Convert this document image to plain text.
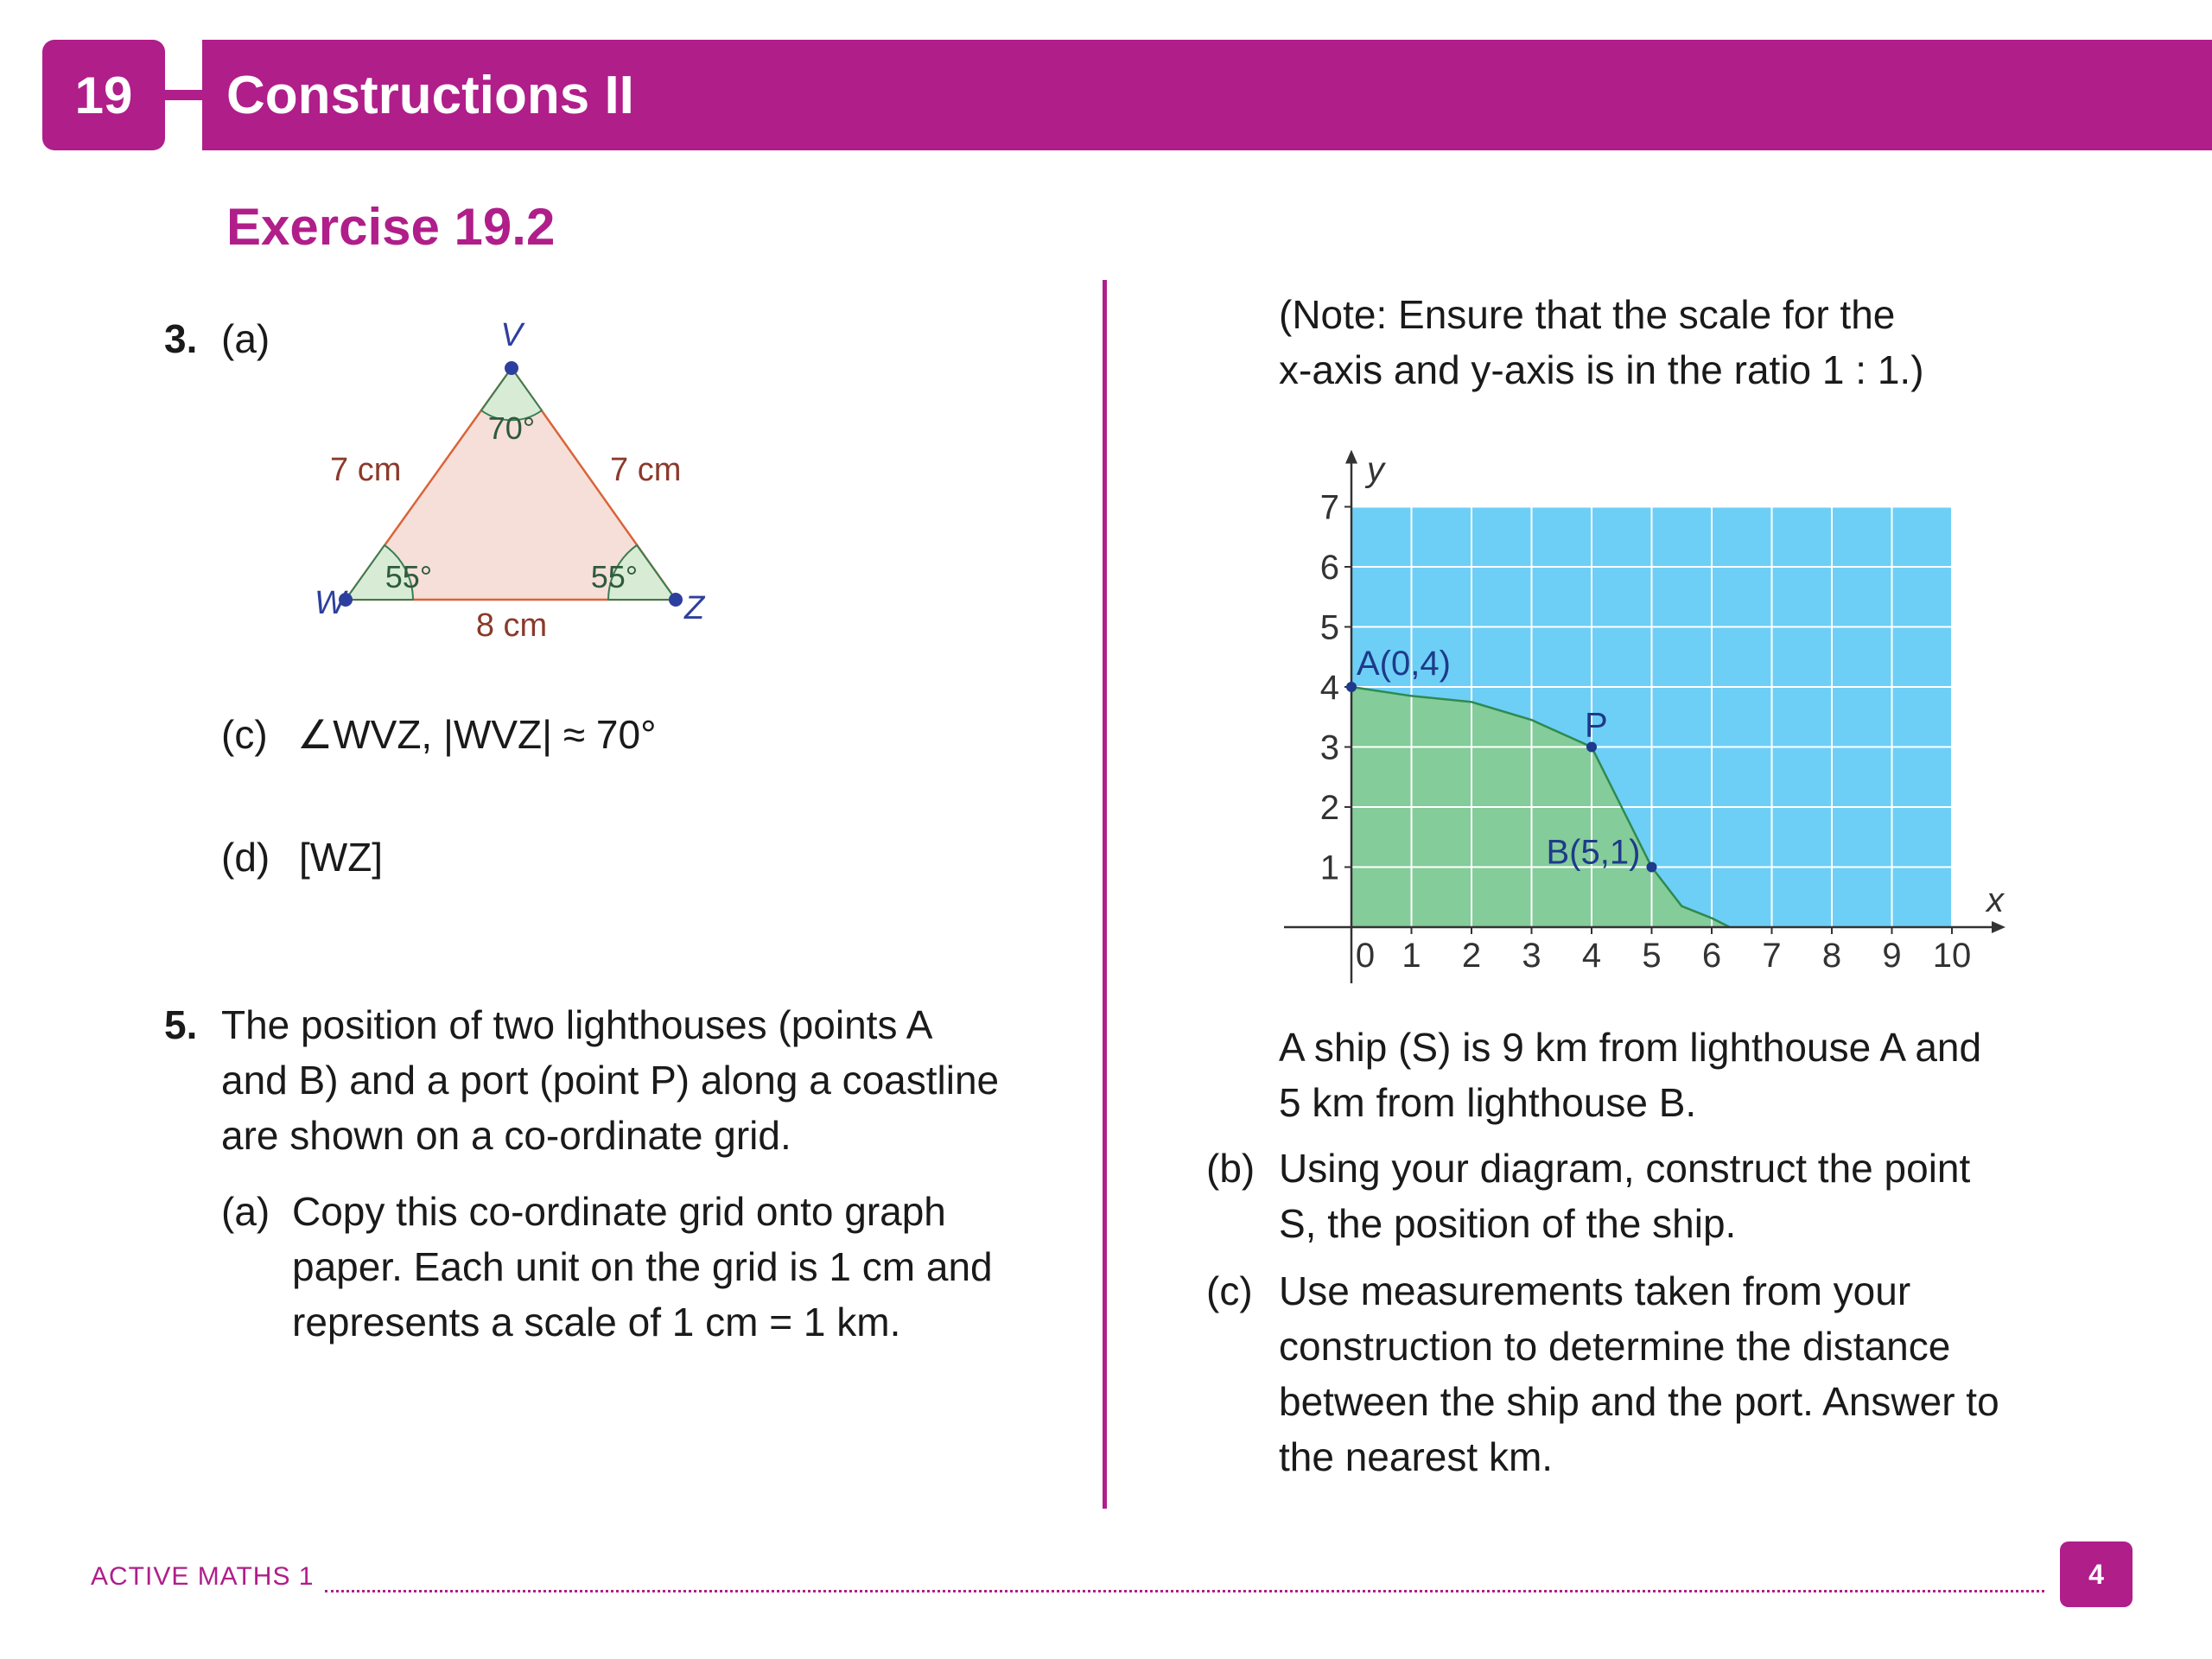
19	Constructions II
Exercise 19.2
3. (a)	V
W	Z
7 cm	7 cm
8 cm
70°
55°	55°
(c) ∠WVZ, |WVZ| ≈ 70°
(d) [WZ]
5. The position of two lighthouses (points A
and B) and a port (point P) along a coastline
are shown on a co-ordinate grid.
(a) Copy this co-ordinate grid onto graph
paper. Each unit on the grid is 1 cm and
represents a scale of 1 cm = 1 km.
(Note: Ensure that the scale for the
x-axis and y-axis is in the ratio 1 : 1.)
0 1 2 3 4 5 6 7 8 9 10
1
2
3
4
5
6
7
x
y
A(0,4)
P
B(5,1)
A ship (S) is 9 km from lighthouse A and
5 km from lighthouse B.
(b) Using your diagram, construct the point
S, the position of the ship.
(c) Use measurements taken from your
construction to determine the distance
between the ship and the port. Answer to
the nearest km.
ACTIVE MATHS 1	4
